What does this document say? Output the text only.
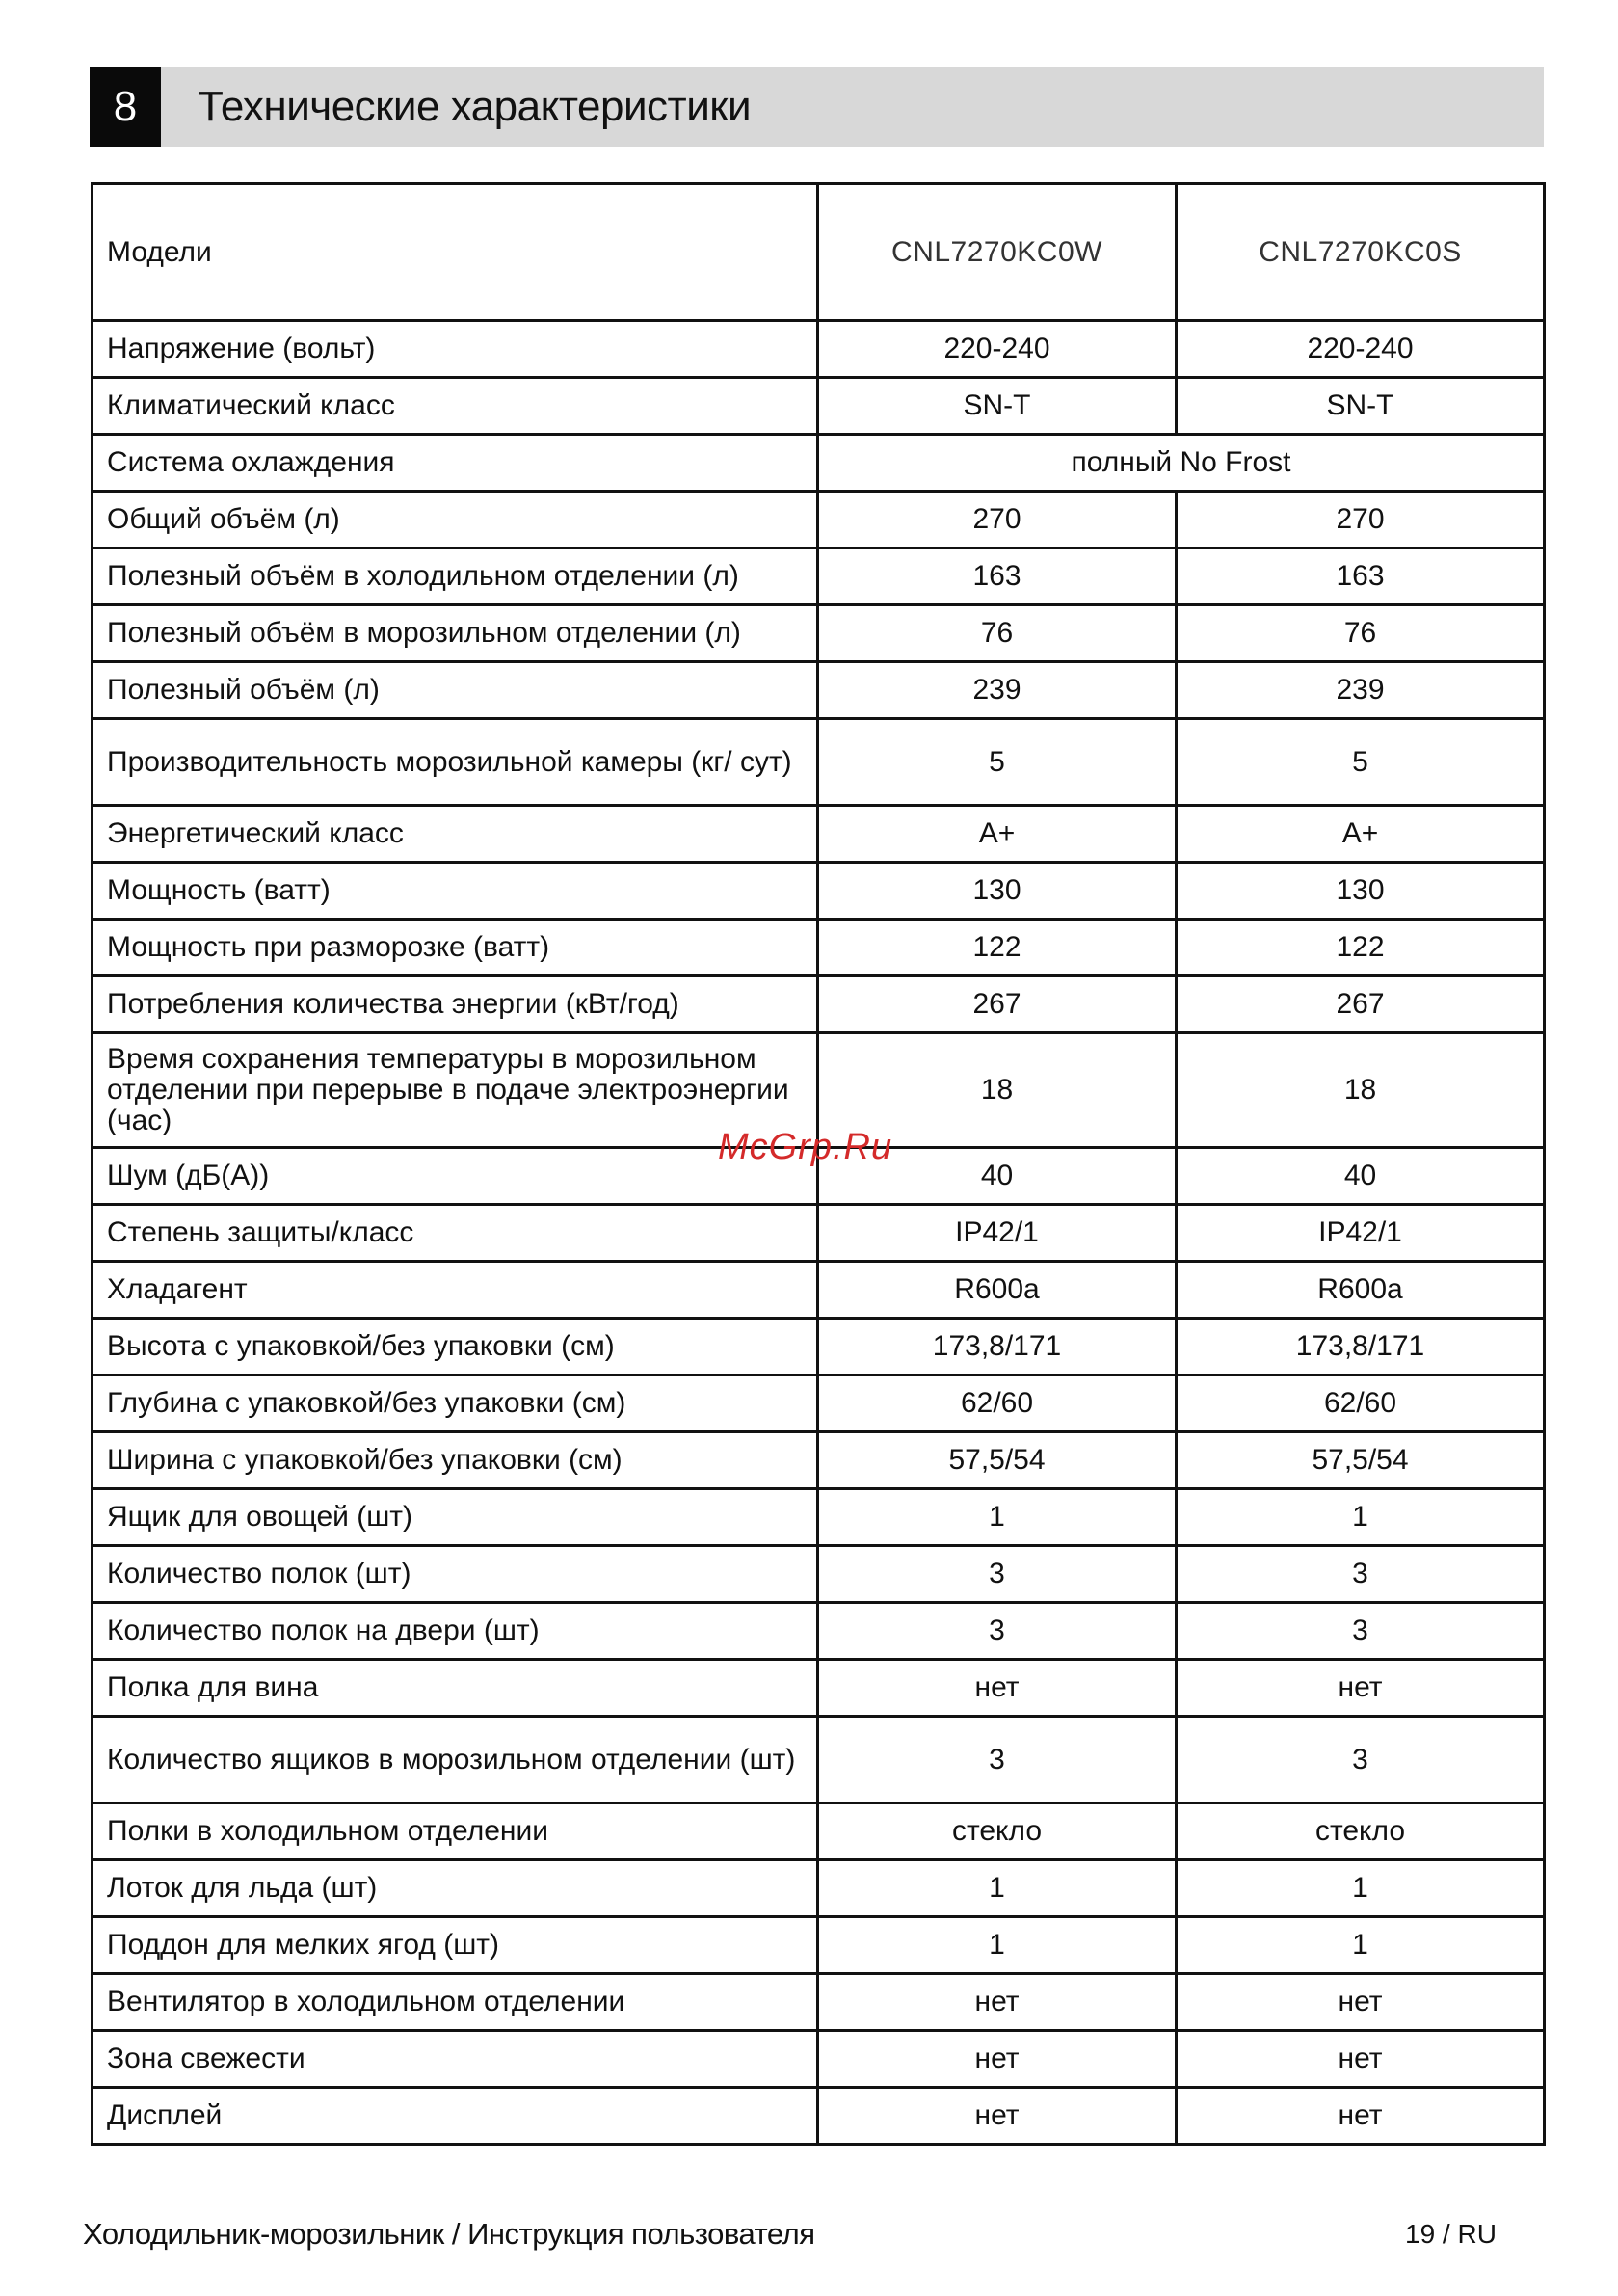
8	Технические характеристики
Модели	CNL7270KC0W	CNL7270KC0S
Напряжение (вольт)	220-240	220-240
Климатический класс	SN-T	SN-T
Система охлаждения	полный No Frost	
Общий объём (л)	270	270
Полезный объём в холодильном отделении (л)	163	163
Полезный объём в морозильном отделении (л)	76	76
Полезный объём (л)	239	239
Производительность морозильной камеры (кг/ сут)	5	5
Энергетический класс	A+	A+
Мощность (ватт)	130	130
Мощность при разморозке (ватт)	122	122
Потребления количества энергии (кВт/год)	267	267
Время сохранения температуры в морозильном отделении при перерыве в подаче электроэнергии (час)	18	18
Шум (дБ(А))	40	40
Степень защиты/класс	IP42/1	IP42/1
Хладагент	R600a	R600a
Высота с упаковкой/без упаковки (см)	173,8/171	173,8/171
Глубина с упаковкой/без упаковки (см)	62/60	62/60
Ширина с упаковкой/без упаковки (см)	57,5/54	57,5/54
Ящик для овощей (шт)	1	1
Количество полок (шт)	3	3
Количество полок на двери (шт)	3	3
Полка для вина	нет	нет
Количество ящиков в морозильном отделении (шт)	3	3
Полки в холодильном отделении	стекло	стекло
Лоток для льда (шт)	1	1
Поддон для мелких ягод (шт)	1	1
Вентилятор в холодильном отделении	нет	нет
Зона свежести	нет	нет
Дисплей	нет	нет
McGrp.Ru
Холодильник-морозильник / Инструкция пользователя	19 / RU
